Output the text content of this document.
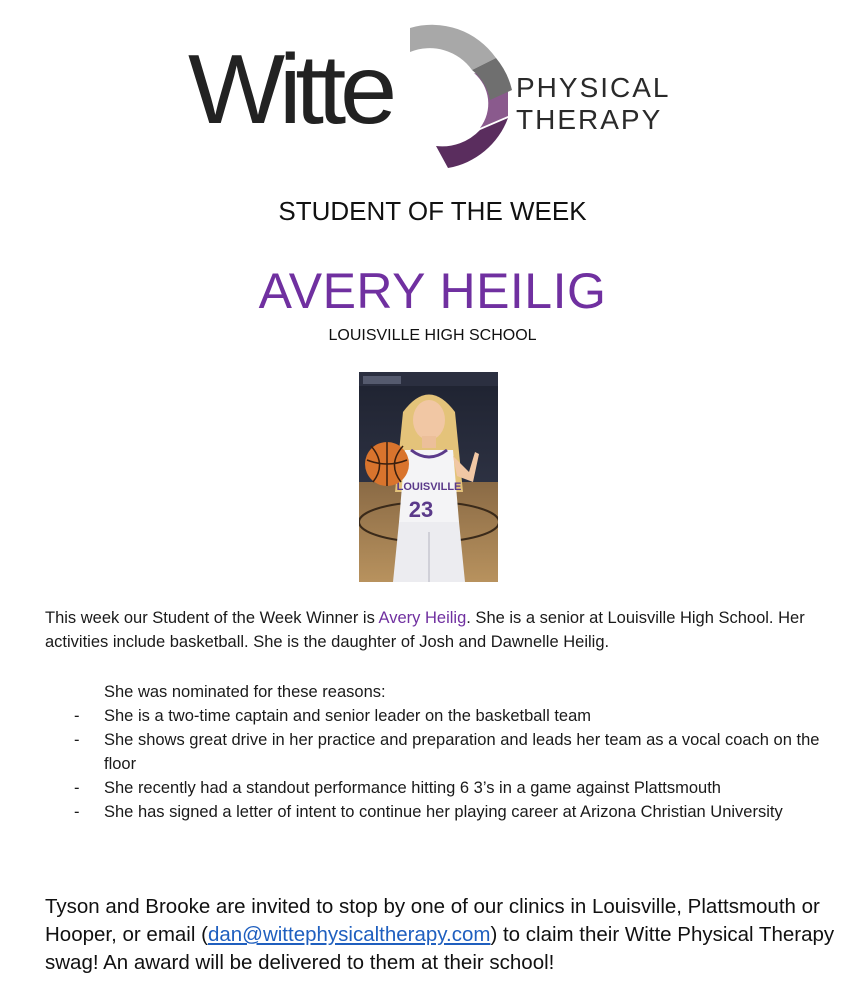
Witte	PHYSICAL
THERAPY
STUDENT OF THE WEEK
AVERY HEILIG
LOUISVILLE HIGH SCHOOL
LOUISVILLE
23
This week our Student of the Week Winner is Avery Heilig. She is a senior at Louisville High School. Her activities include basketball. She is the daughter of Josh and Dawnelle Heilig.
She was nominated for these reasons:
- She is a two-time captain and senior leader on the basketball team
- She shows great drive in her practice and preparation and leads her team as a vocal coach on the floor
- She recently had a standout performance hitting 6 3’s in a game against Plattsmouth
- She has signed a letter of intent to continue her playing career at Arizona Christian University
Tyson and Brooke are invited to stop by one of our clinics in Louisville, Plattsmouth or Hooper, or email (dan@wittephysicaltherapy.com) to claim their Witte Physical Therapy swag! An award will be delivered to them at their school!
